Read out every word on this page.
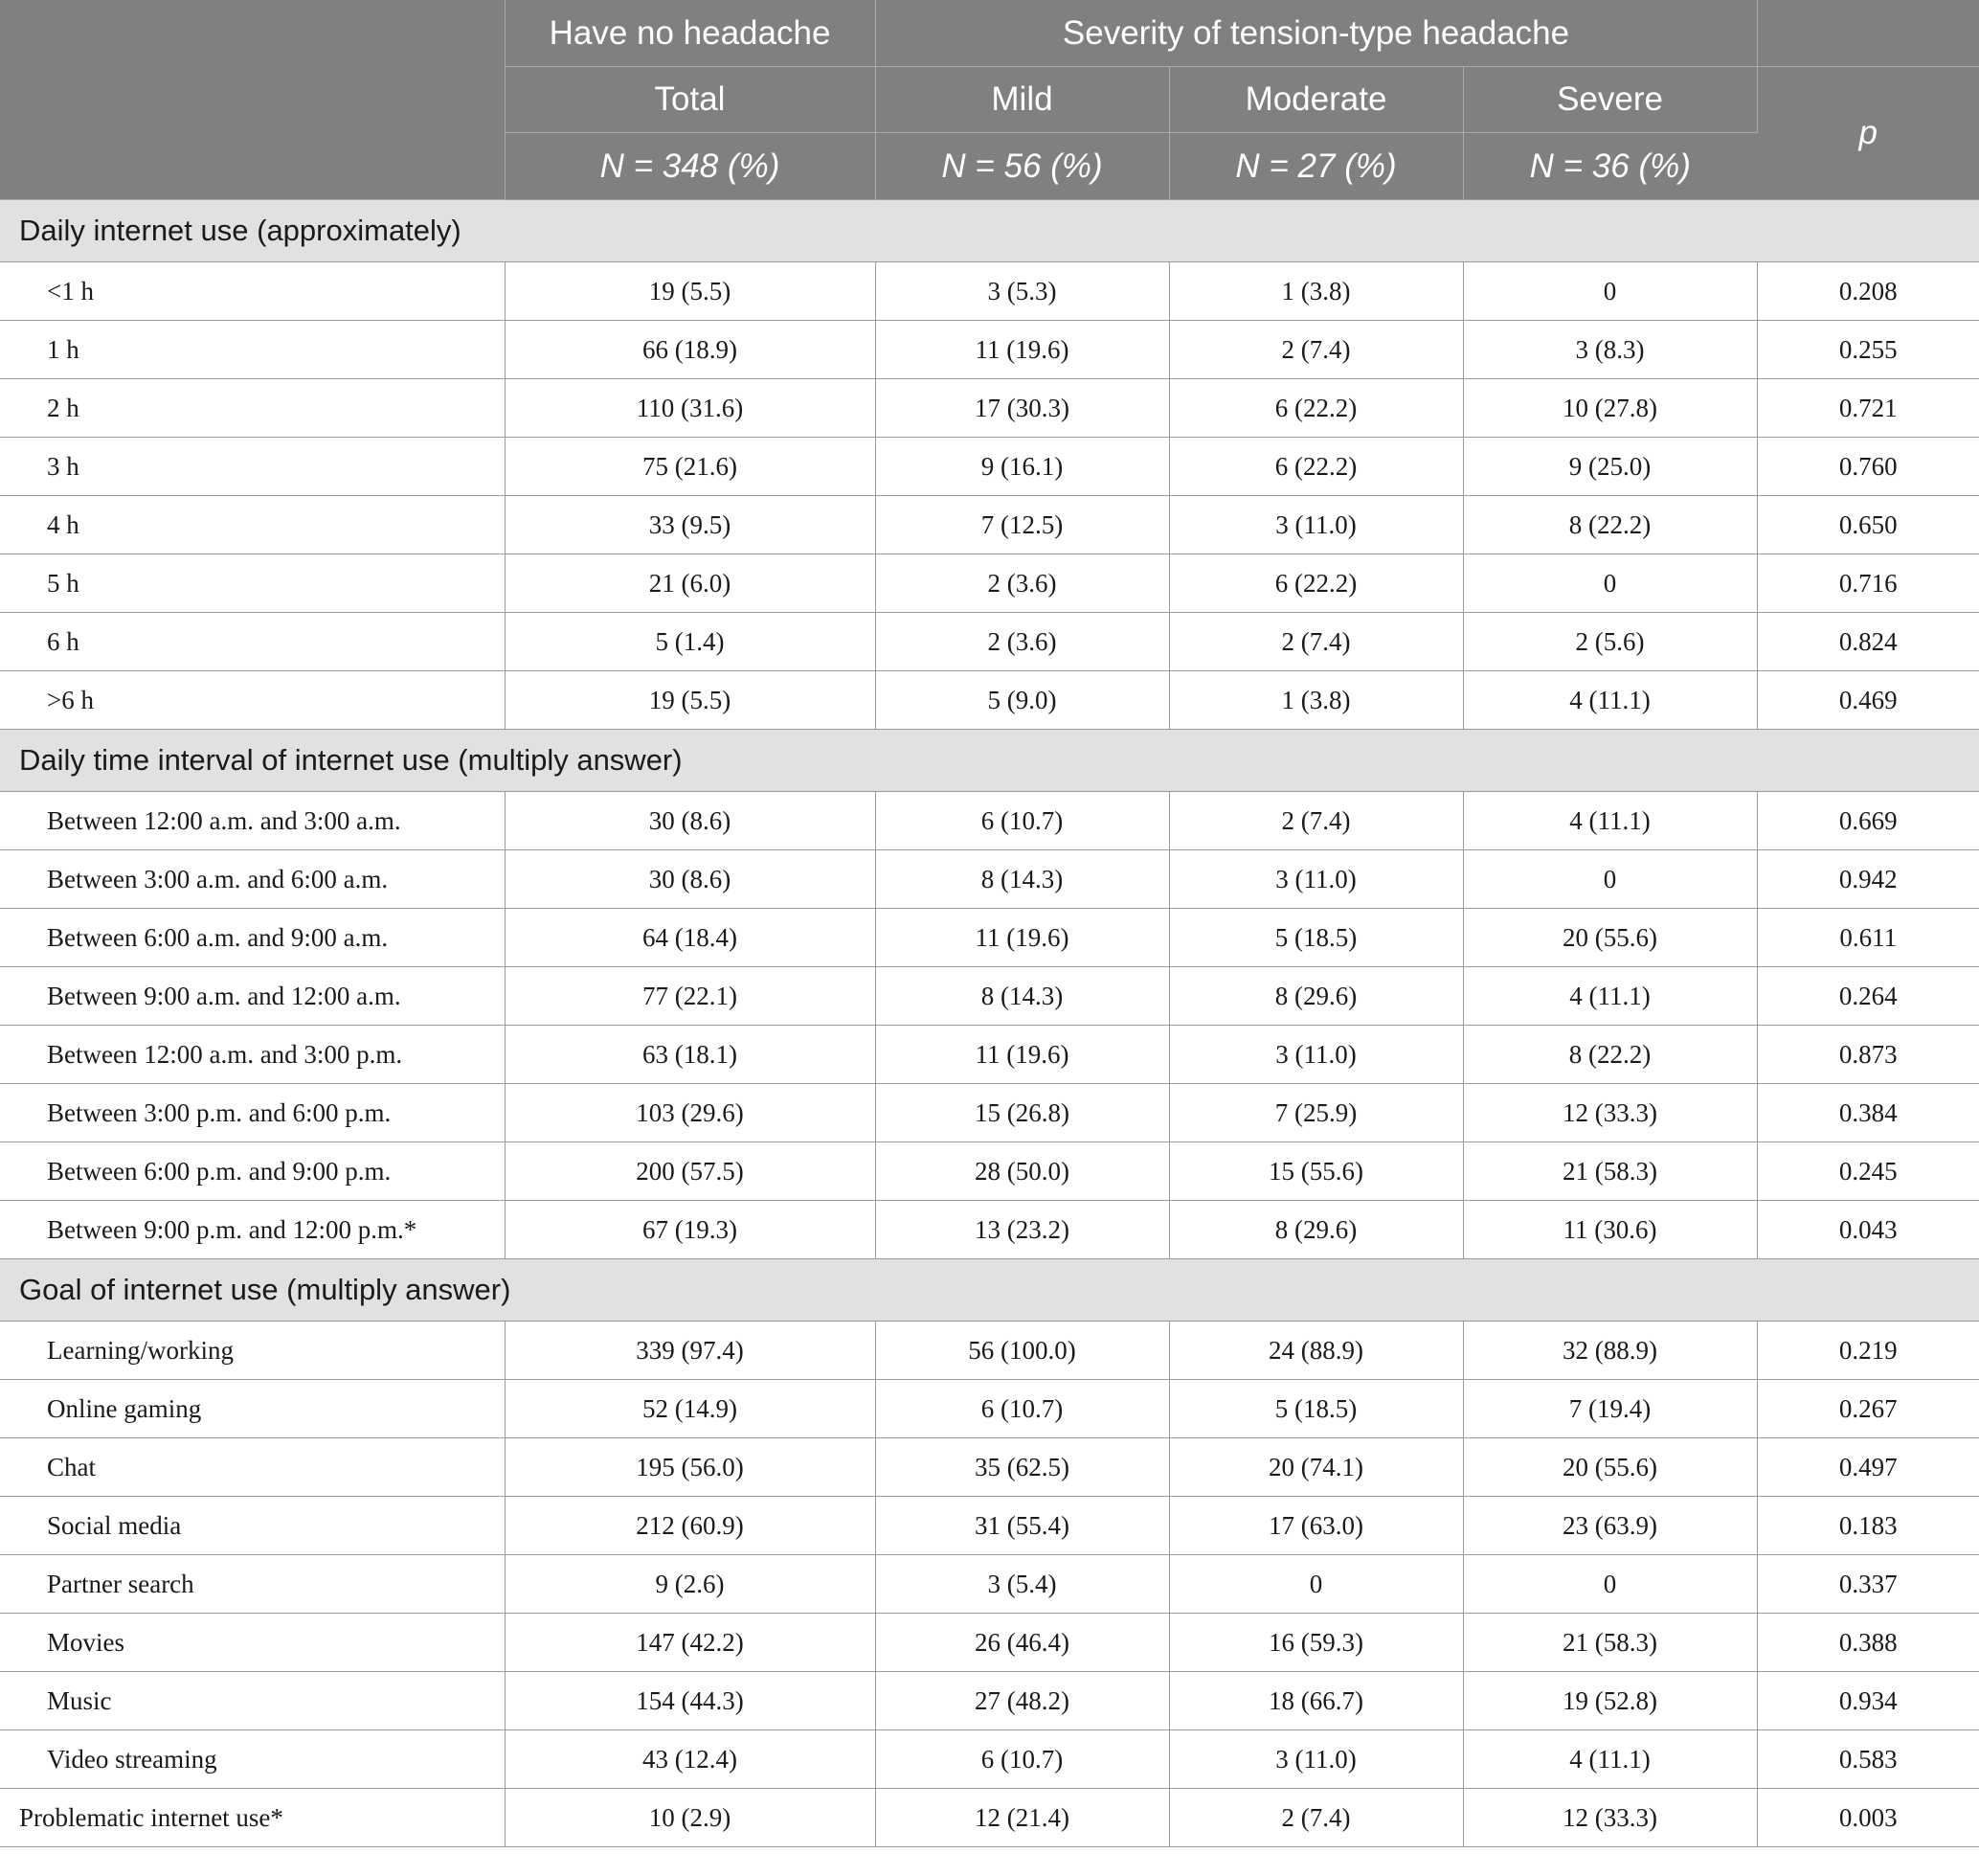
	Have no headache	Severity of tension-type headache			
	Total	Mild	Moderate	Severe	p
	N = 348 (%)	N = 56 (%)	N = 27 (%)	N = 36 (%)	
Daily internet use (approximately)					
<1 h	19 (5.5)	3 (5.3)	1 (3.8)	0	0.208
1 h	66 (18.9)	11 (19.6)	2 (7.4)	3 (8.3)	0.255
2 h	110 (31.6)	17 (30.3)	6 (22.2)	10 (27.8)	0.721
3 h	75 (21.6)	9 (16.1)	6 (22.2)	9 (25.0)	0.760
4 h	33 (9.5)	7 (12.5)	3 (11.0)	8 (22.2)	0.650
5 h	21 (6.0)	2 (3.6)	6 (22.2)	0	0.716
6 h	5 (1.4)	2 (3.6)	2 (7.4)	2 (5.6)	0.824
>6 h	19 (5.5)	5 (9.0)	1 (3.8)	4 (11.1)	0.469
Daily time interval of internet use (multiply answer)					
Between 12:00 a.m. and 3:00 a.m.	30 (8.6)	6 (10.7)	2 (7.4)	4 (11.1)	0.669
Between 3:00 a.m. and 6:00 a.m.	30 (8.6)	8 (14.3)	3 (11.0)	0	0.942
Between 6:00 a.m. and 9:00 a.m.	64 (18.4)	11 (19.6)	5 (18.5)	20 (55.6)	0.611
Between 9:00 a.m. and 12:00 a.m.	77 (22.1)	8 (14.3)	8 (29.6)	4 (11.1)	0.264
Between 12:00 a.m. and 3:00 p.m.	63 (18.1)	11 (19.6)	3 (11.0)	8 (22.2)	0.873
Between 3:00 p.m. and 6:00 p.m.	103 (29.6)	15 (26.8)	7 (25.9)	12 (33.3)	0.384
Between 6:00 p.m. and 9:00 p.m.	200 (57.5)	28 (50.0)	15 (55.6)	21 (58.3)	0.245
Between 9:00 p.m. and 12:00 p.m.*	67 (19.3)	13 (23.2)	8 (29.6)	11 (30.6)	0.043
Goal of internet use (multiply answer)					
Learning/working	339 (97.4)	56 (100.0)	24 (88.9)	32 (88.9)	0.219
Online gaming	52 (14.9)	6 (10.7)	5 (18.5)	7 (19.4)	0.267
Chat	195 (56.0)	35 (62.5)	20 (74.1)	20 (55.6)	0.497
Social media	212 (60.9)	31 (55.4)	17 (63.0)	23 (63.9)	0.183
Partner search	9 (2.6)	3 (5.4)	0	0	0.337
Movies	147 (42.2)	26 (46.4)	16 (59.3)	21 (58.3)	0.388
Music	154 (44.3)	27 (48.2)	18 (66.7)	19 (52.8)	0.934
Video streaming	43 (12.4)	6 (10.7)	3 (11.0)	4 (11.1)	0.583
Problematic internet use*	10 (2.9)	12 (21.4)	2 (7.4)	12 (33.3)	0.003
